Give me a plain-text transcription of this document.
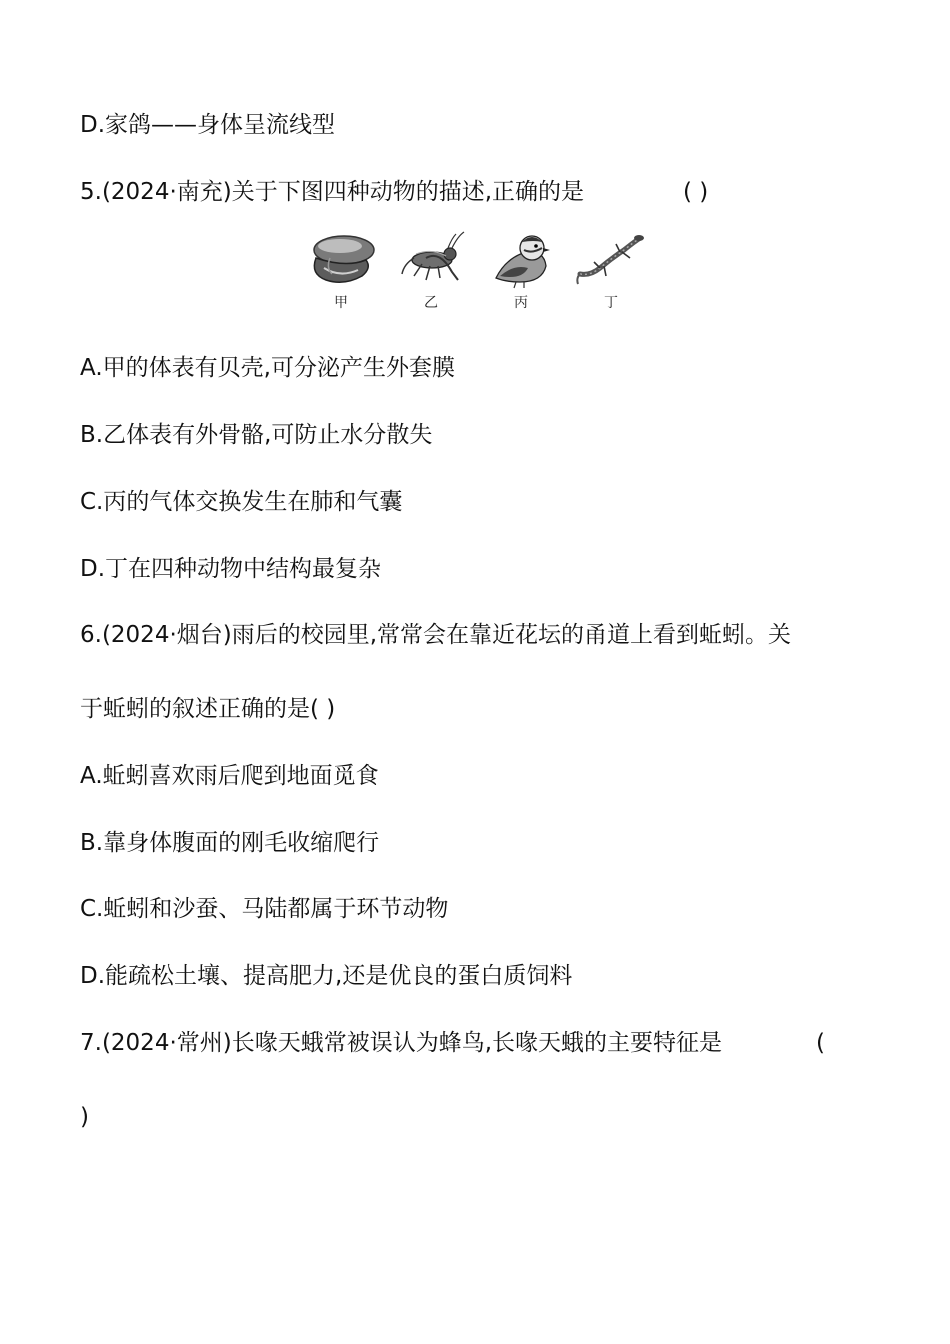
D.家鸽——身体呈流线型
5.(2024·南充)关于下图四种动物的描述,正确的是	( )
甲	乙	丙	丁
A.甲的体表有贝壳,可分泌产生外套膜
B.乙体表有外骨骼,可防止水分散失
C.丙的气体交换发生在肺和气囊
D.丁在四种动物中结构最复杂
6.(2024·烟台)雨后的校园里,常常会在靠近花坛的甬道上看到蚯蚓。关
于蚯蚓的叙述正确的是( )
A.蚯蚓喜欢雨后爬到地面觅食
B.靠身体腹面的刚毛收缩爬行
C.蚯蚓和沙蚕、马陆都属于环节动物
D.能疏松土壤、提高肥力,还是优良的蛋白质饲料
7.(2024·常州)长喙天蛾常被误认为蜂鸟,长喙天蛾的主要特征是	(
)
